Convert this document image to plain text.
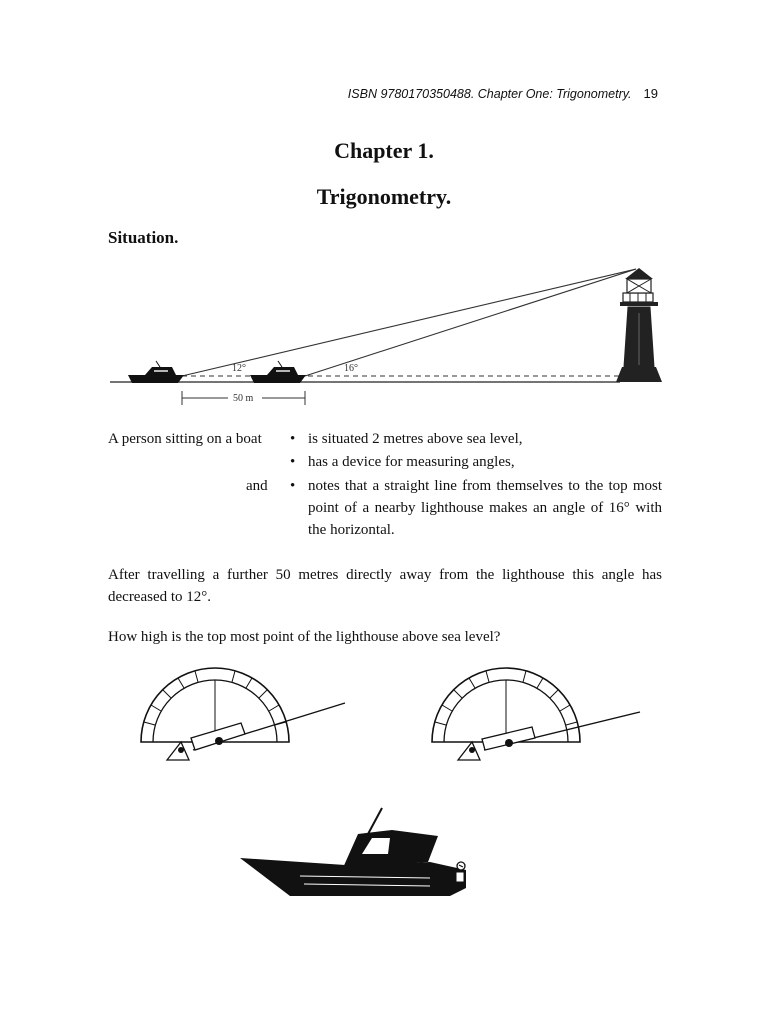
ISBN 9780170350488. Chapter One: Trigonometry. 19
Chapter 1.
Trigonometry.
Situation.
12°	16°
50 m
A person sitting on a boat
and
• is situated 2 metres above sea level,
• has a device for measuring angles,
• notes that a straight line from themselves to the top most point of a nearby lighthouse makes an angle of 16° with the horizontal.
After travelling a further 50 metres directly away from the lighthouse this angle has decreased to 12°.
How high is the top most point of the lighthouse above sea level?
